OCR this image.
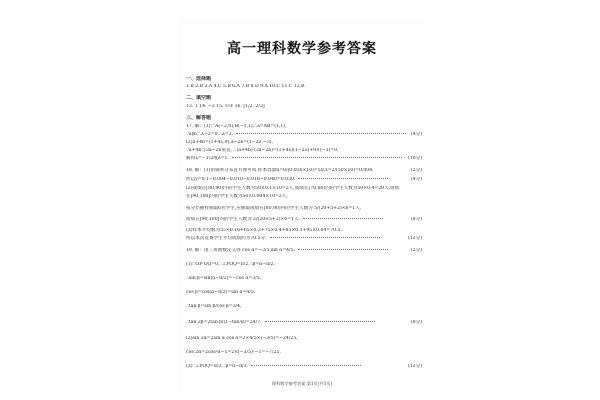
高一理科数学参考答案
一、选择题
1.B 2.B 3.A 4.C 5.B 6.A 7.B 8.D 9.A 10.C 11.C 12.B
二、填空题
13. 1 14. −3 15. ①③ 16. [1/2, 2/3]
三、解答题
17. 解：(1)∵A(−2,0),B(−1,1),∴a=AB=(1,1),
∵a∥b,∴λ−2=0,∴λ=2.	(4分)
(2)a+4b=(1+4λ,9),a−2b=(1−2λ,−3),
∵a+4b与3a−2b垂直,∴(a+4b)·(3a−2b)=(1+4λ)(1−2λ)+9×(−3)=0,
解得λ=−1/2或λ=1.	(10分)
18. 解：(1)由频率分布直方图可知,样本容量n=8/(0.016×10)=50,x=2/(50×10)=0.004.	(2分)
所以y=0.1−0.004−0.010−0.016−0.040=0.030.	(4分)
(2)成绩在[80,90)内的学生人数为50×0.1×10=5人,成绩在[70,80)内的学生人数为50×0.4=20人,成绩
在[90,100]内的学生人数为50×0.004×10=2人,
按分层抽样抽取6名学生,应抽取成绩在[80,90)内的学生人数为 5/(20+5+2)×6=1人,
成绩在[90,100]内的学生人数为 2/(20+5+2)×6=1人.	(8分)
(3)样本平均数为55×0.16+65×0.3+75×0.4+85×0.1+95×0.04=70.5.
所以本次竞赛学生平均成绩约为70.5分.	(12分)
19. 解：由三角函数定义得 cos α=−3/5,sin α=4/5.	(2分)
(1)∵OP·OQ=0,∴∠POQ=π/2,∴β=α−π/2.
∴sin β=sin(α−π/2)=−cos α=3/5,
cos β=cos(α−π/2)=sin α=4/5,
∴tan β=sin β/cos β=3/4,
∴tan 2β=2tan β/(1−tan²β)=24/7.	(8分)
(2)sin 2α=2sin α cos α=2×4/5×(−3/5)=−24/25,
cos 2α=2cos²α−1=2×(−3/5)²−1=−7/25,
(3)∵∠POQ=π/3,∴β=α−π/3.	(12分)
理科数学参考答案 第1页(共3页)
